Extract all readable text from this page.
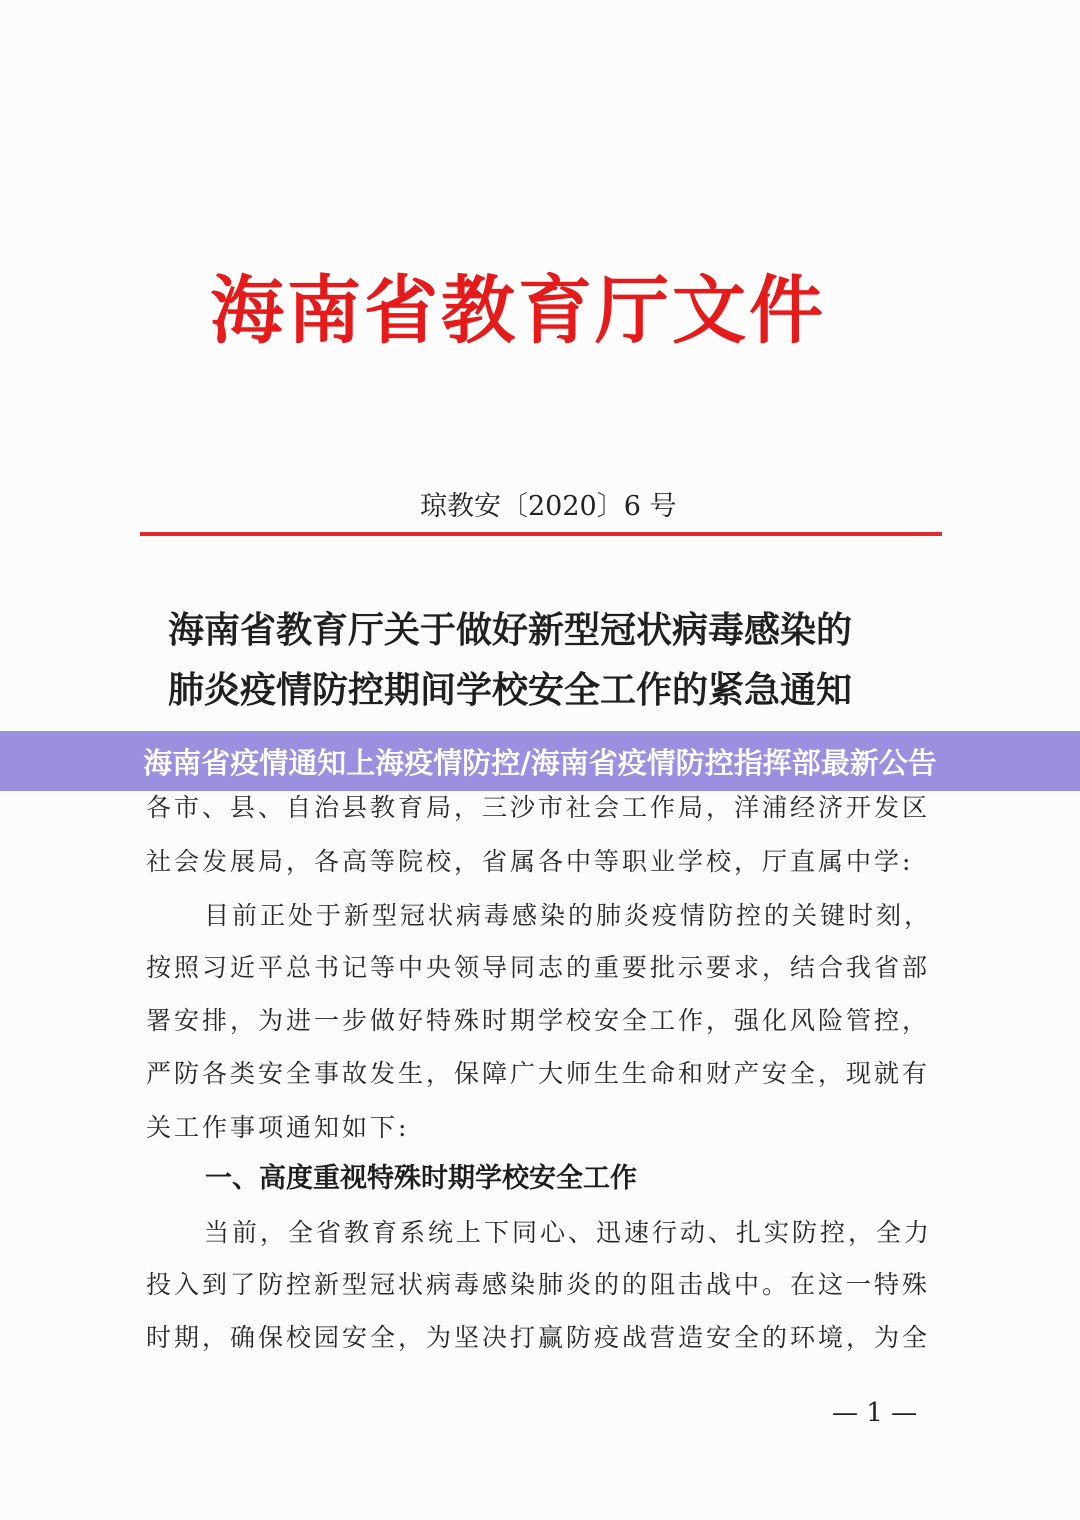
海南省教育厅文件
琼教安〔2020〕6 号
海南省教育厅关于做好新型冠状病毒感染的
肺炎疫情防控期间学校安全工作的紧急通知
海南省疫情通知上海疫情防控/海南省疫情防控指挥部最新公告
各市、县、自治县教育局，三沙市社会工作局，洋浦经济开发区
社会发展局，各高等院校，省属各中等职业学校，厅直属中学:
目前正处于新型冠状病毒感染的肺炎疫情防控的关键时刻，
按照习近平总书记等中央领导同志的重要批示要求，结合我省部
署安排，为进一步做好特殊时期学校安全工作，强化风险管控，
严防各类安全事故发生，保障广大师生生命和财产安全，现就有
关工作事项通知如下:
一、高度重视特殊时期学校安全工作
当前，全省教育系统上下同心、迅速行动、扎实防控，全力
投入到了防控新型冠状病毒感染肺炎的的阻击战中。在这一特殊
时期，确保校园安全，为坚决打赢防疫战营造安全的环境，为全
— 1 —
